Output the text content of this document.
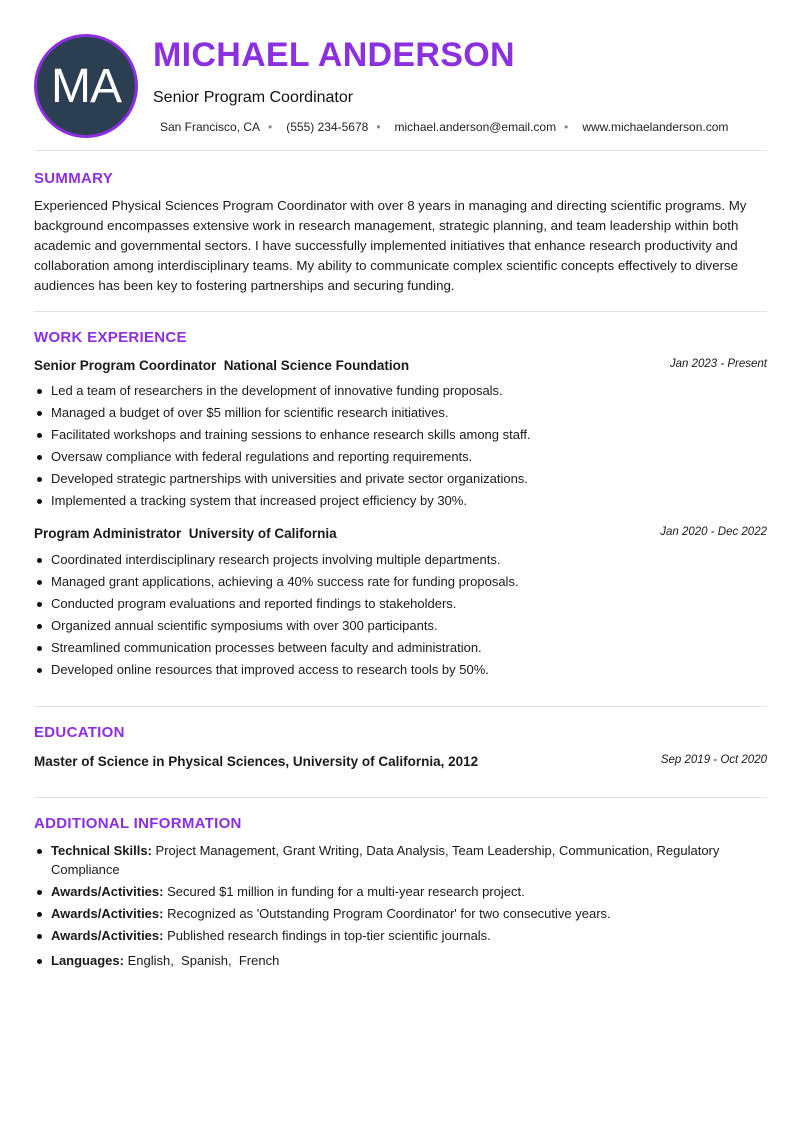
MA
MICHAEL ANDERSON
Senior Program Coordinator
San Francisco, CA • (555) 234-5678 • michael.anderson@email.com • www.michaelanderson.com
SUMMARY
Experienced Physical Sciences Program Coordinator with over 8 years in managing and directing scientific programs. My background encompasses extensive work in research management, strategic planning, and team leadership within both academic and governmental sectors. I have successfully implemented initiatives that enhance research productivity and collaboration among interdisciplinary teams. My ability to communicate complex scientific concepts effectively to diverse audiences has been key to fostering partnerships and securing funding.
WORK EXPERIENCE
Senior Program Coordinator National Science Foundation	Jan 2023 - Present
Led a team of researchers in the development of innovative funding proposals.
Managed a budget of over $5 million for scientific research initiatives.
Facilitated workshops and training sessions to enhance research skills among staff.
Oversaw compliance with federal regulations and reporting requirements.
Developed strategic partnerships with universities and private sector organizations.
Implemented a tracking system that increased project efficiency by 30%.
Program Administrator University of California	Jan 2020 - Dec 2022
Coordinated interdisciplinary research projects involving multiple departments.
Managed grant applications, achieving a 40% success rate for funding proposals.
Conducted program evaluations and reported findings to stakeholders.
Organized annual scientific symposiums with over 300 participants.
Streamlined communication processes between faculty and administration.
Developed online resources that improved access to research tools by 50%.
EDUCATION
Master of Science in Physical Sciences, University of California, 2012	Sep 2019 - Oct 2020
ADDITIONAL INFORMATION
Technical Skills: Project Management, Grant Writing, Data Analysis, Team Leadership, Communication, Regulatory Compliance
Awards/Activities: Secured $1 million in funding for a multi-year research project.
Awards/Activities: Recognized as 'Outstanding Program Coordinator' for two consecutive years.
Awards/Activities: Published research findings in top-tier scientific journals.
Languages: English,  Spanish,  French
